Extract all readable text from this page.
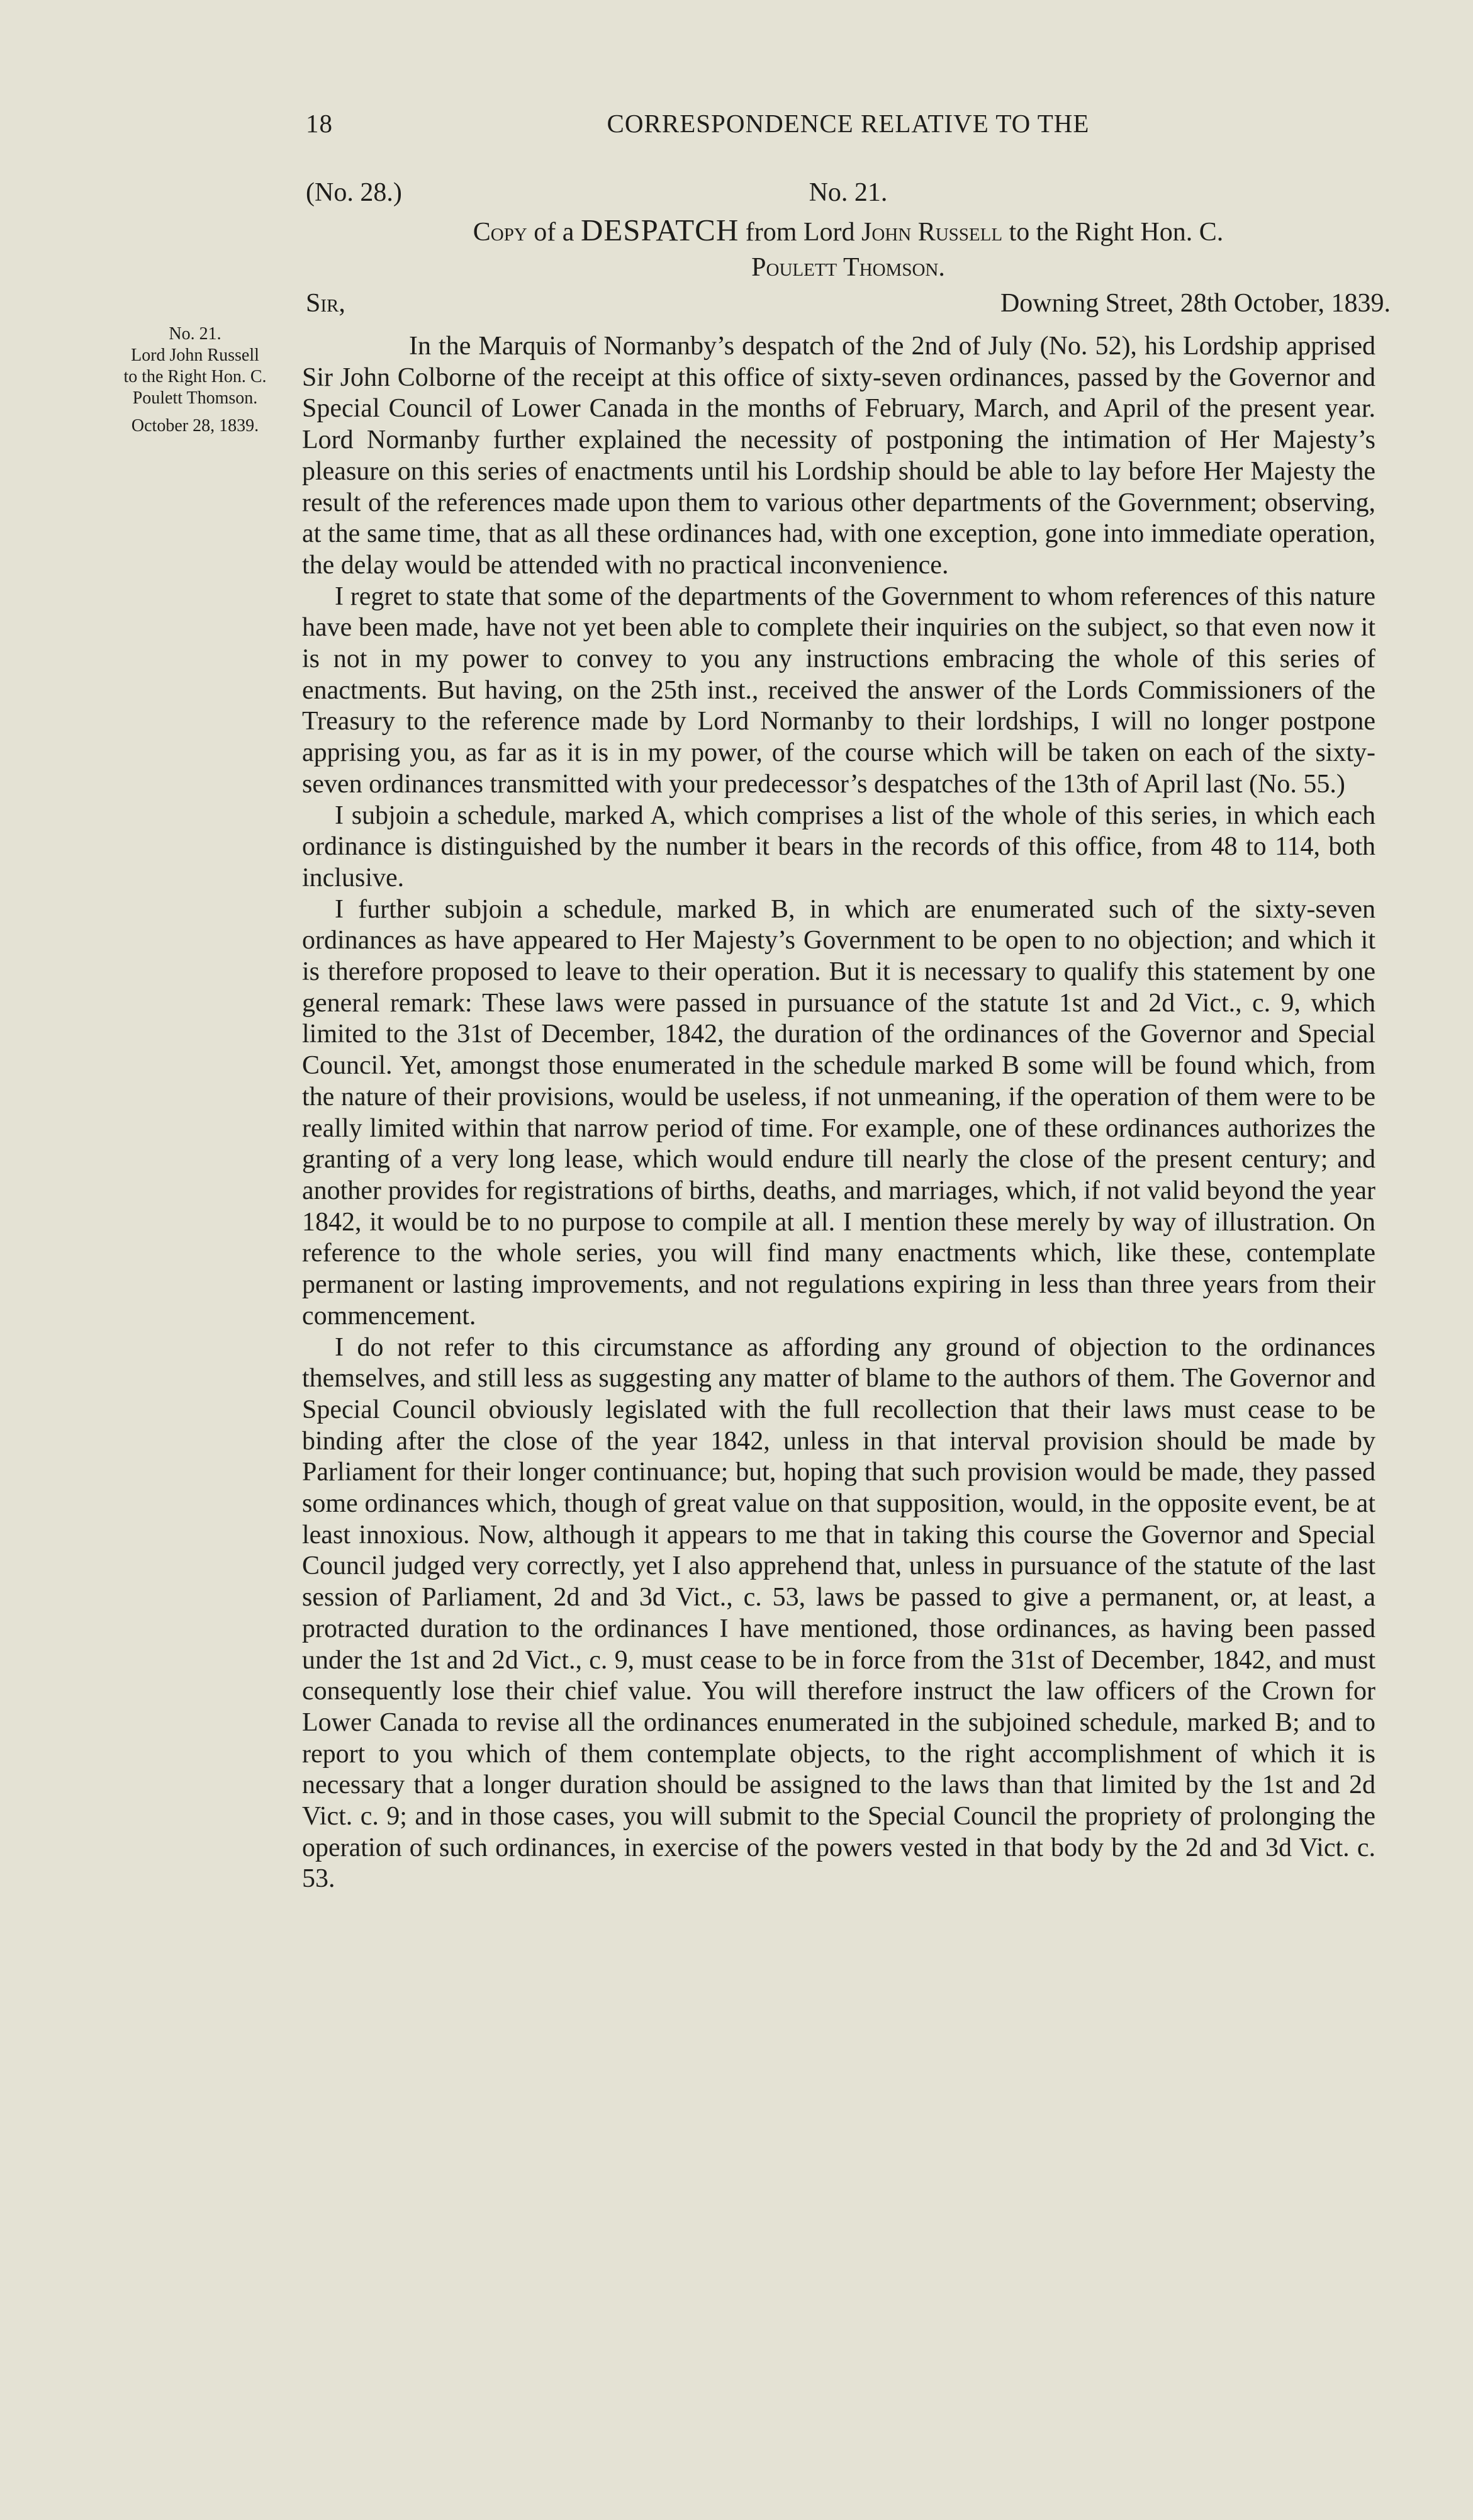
18	CORRESPONDENCE RELATIVE TO THE
(No. 28.)	No. 21.
Copy of a DESPATCH from Lord John Russell to the Right Hon. C.
Poulett Thomson.
Sir,	Downing Street, 28th October, 1839.
No. 21.
Lord John Russell
to the Right Hon. C.
Poulett Thomson.
October 28, 1839.

In the Marquis of Normanby’s despatch of the 2nd of July (No. 52), his Lordship apprised Sir John Colborne of the receipt at this office of sixty-seven ordinances, passed by the Governor and Special Council of Lower Canada in the months of February, March, and April of the present year. Lord Normanby further explained the necessity of postponing the intimation of Her Majesty’s pleasure on this series of enactments until his Lordship should be able to lay before Her Majesty the result of the references made upon them to various other departments of the Government; observing, at the same time, that as all these ordinances had, with one exception, gone into immediate operation, the delay would be attended with no practical inconvenience.

I regret to state that some of the departments of the Government to whom references of this nature have been made, have not yet been able to complete their inquiries on the subject, so that even now it is not in my power to convey to you any instructions embracing the whole of this series of enactments. But having, on the 25th inst., received the answer of the Lords Commissioners of the Treasury to the reference made by Lord Normanby to their lordships, I will no longer postpone apprising you, as far as it is in my power, of the course which will be taken on each of the sixty-seven ordinances transmitted with your predecessor’s despatches of the 13th of April last (No. 55.)

I subjoin a schedule, marked A, which comprises a list of the whole of this series, in which each ordinance is distinguished by the number it bears in the records of this office, from 48 to 114, both inclusive.

I further subjoin a schedule, marked B, in which are enumerated such of the sixty-seven ordinances as have appeared to Her Majesty’s Government to be open to no objection; and which it is therefore proposed to leave to their operation. But it is necessary to qualify this statement by one general remark: These laws were passed in pursuance of the statute 1st and 2d Vict., c. 9, which limited to the 31st of December, 1842, the duration of the ordinances of the Governor and Special Council. Yet, amongst those enumerated in the schedule marked B some will be found which, from the nature of their provisions, would be useless, if not unmeaning, if the operation of them were to be really limited within that narrow period of time. For example, one of these ordinances authorizes the granting of a very long lease, which would endure till nearly the close of the present century; and another provides for registrations of births, deaths, and marriages, which, if not valid beyond the year 1842, it would be to no purpose to compile at all. I mention these merely by way of illustration. On reference to the whole series, you will find many enactments which, like these, contemplate permanent or lasting improvements, and not regulations expiring in less than three years from their commencement.

I do not refer to this circumstance as affording any ground of objection to the ordinances themselves, and still less as suggesting any matter of blame to the authors of them. The Governor and Special Council obviously legislated with the full recollection that their laws must cease to be binding after the close of the year 1842, unless in that interval provision should be made by Parliament for their longer continuance; but, hoping that such provision would be made, they passed some ordinances which, though of great value on that supposition, would, in the opposite event, be at least innoxious. Now, although it appears to me that in taking this course the Governor and Special Council judged very correctly, yet I also apprehend that, unless in pursuance of the statute of the last session of Parliament, 2d and 3d Vict., c. 53, laws be passed to give a permanent, or, at least, a protracted duration to the ordinances I have mentioned, those ordinances, as having been passed under the 1st and 2d Vict., c. 9, must cease to be in force from the 31st of December, 1842, and must consequently lose their chief value. You will therefore instruct the law officers of the Crown for Lower Canada to revise all the ordinances enumerated in the subjoined schedule, marked B; and to report to you which of them contemplate objects, to the right accomplishment of which it is necessary that a longer duration should be assigned to the laws than that limited by the 1st and 2d Vict. c. 9; and in those cases, you will submit to the Special Council the propriety of prolonging the operation of such ordinances, in exercise of the powers vested in that body by the 2d and 3d Vict. c. 53.
